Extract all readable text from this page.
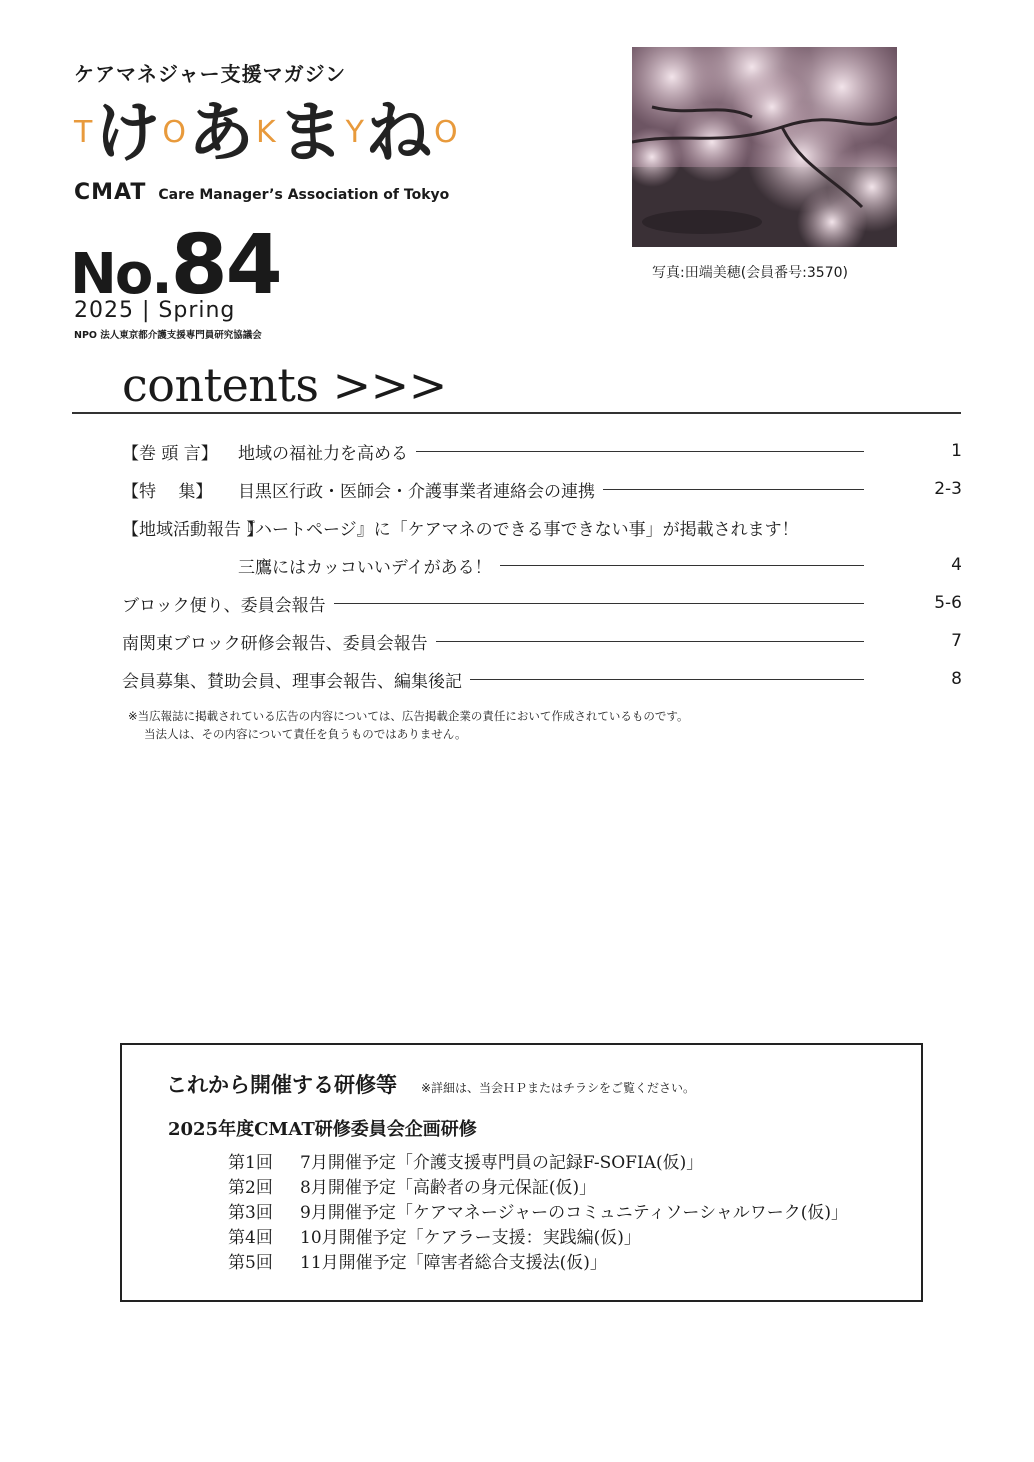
ケアマネジャー支援マガジン
T け O あ K ま Y ね O
CMAT Care Manager’s Association of Tokyo
No. 84
2025 | Spring
NPO 法人東京都介護支援専門員研究協議会
写真:田端美穂(会員番号:3570)
contents >>>
【巻 頭 言】	地域の福祉力を高める	1
【特　 集】	目黒区行政・医師会・介護事業者連絡会の連携	2-3
【地域活動報告 】
『ハートページ』に「ケアマネのできる事できない事」が掲載されます！
三鷹にはカッコいいデイがある！	4
ブロック便り、委員会報告	5-6
南関東ブロック研修会報告、委員会報告	7
会員募集、賛助会員、理事会報告、編集後記	8
※当広報誌に掲載されている広告の内容については、広告掲載企業の責任において作成されているものです。
当法人は、その内容について責任を負うものではありません。
これから開催する研修等 ※詳細は、当会ＨＰまたはチラシをご覧ください。
2025年度CMAT研修委員会企画研修
第1回 7月開催予定「介護支援専門員の記録F-SOFIA(仮)」
第2回 8月開催予定「高齢者の身元保証(仮)」
第3回 9月開催予定「ケアマネージャーのコミュニティソーシャルワーク(仮)」
第4回 10月開催予定「ケアラー支援：実践編(仮)」
第5回 11月開催予定「障害者総合支援法(仮)」
